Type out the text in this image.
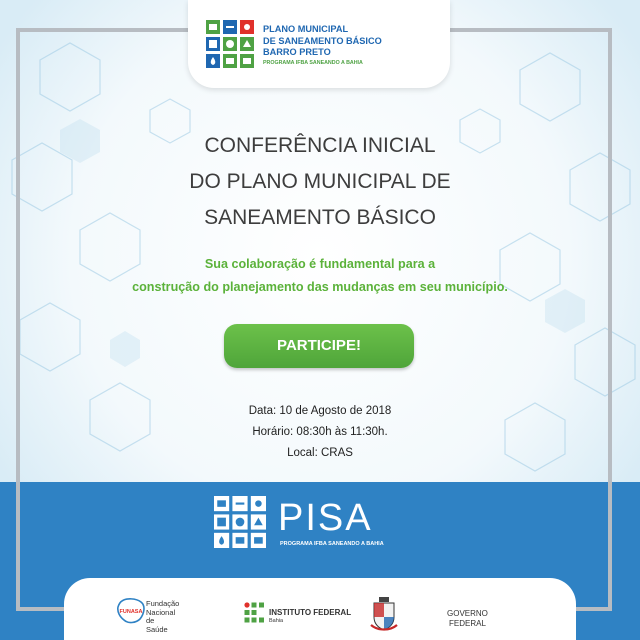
PLANO MUNICIPAL
DE SANEAMENTO BÁSICO
BARRO PRETO
PROGRAMA IFBA SANEANDO A BAHIA
CONFERÊNCIA INICIAL
DO PLANO MUNICIPAL DE
SANEAMENTO BÁSICO
Sua colaboração é fundamental para a
construção do planejamento das mudanças em seu município.
PARTICIPE!
Data: 10 de Agosto de 2018
Horário: 08:30h às 11:30h.
Local: CRAS
PISA
PROGRAMA IFBA SANEANDO A BAHIA
FUNASA
Fundação
Nacional
de
Saúde
INSTITUTO FEDERAL
Bahia
GOVERNO
FEDERAL
